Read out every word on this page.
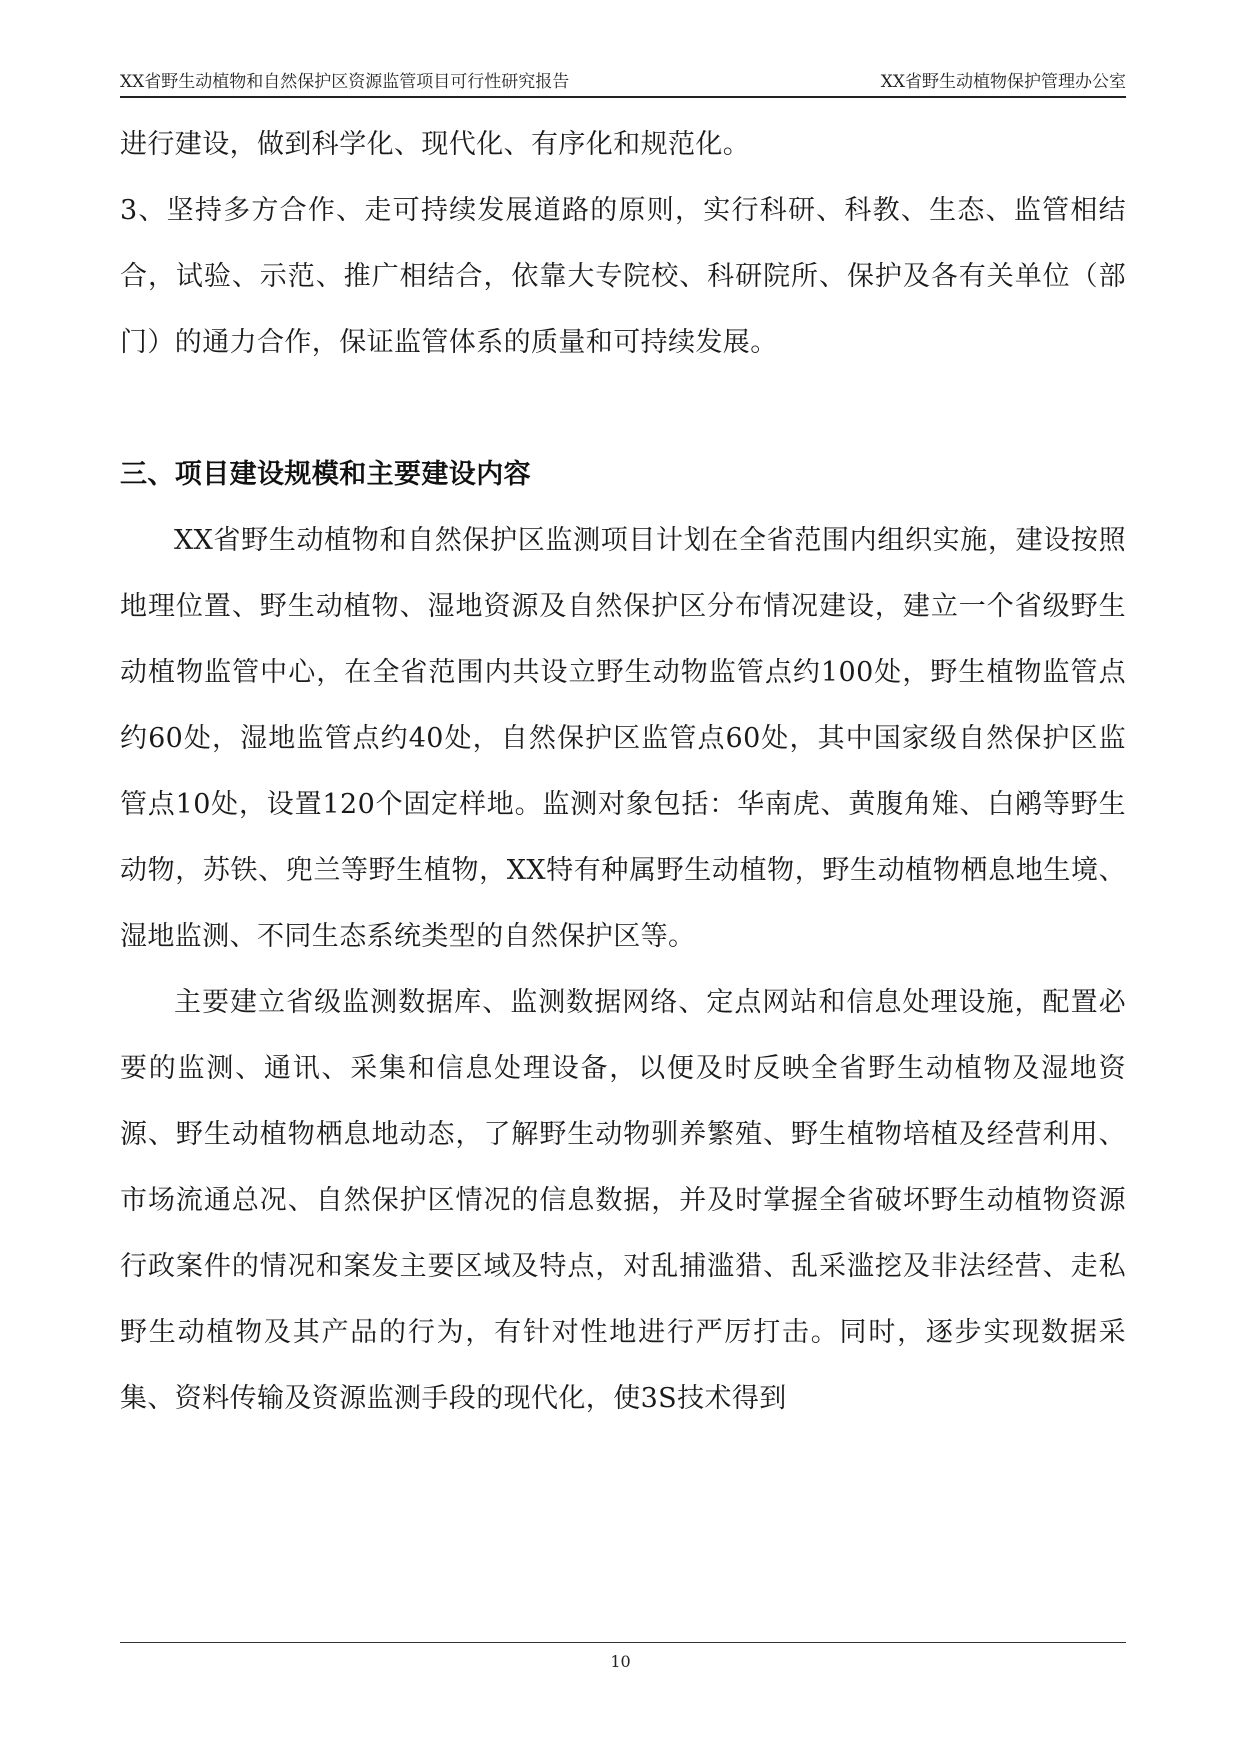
XX省野生动植物和自然保护区资源监管项目可行性研究报告	XX省野生动植物保护管理办公室

进行建设，做到科学化、现代化、有序化和规范化。

3、坚持多方合作、走可持续发展道路的原则，实行科研、科教、生态、监管相结合，试验、示范、推广相结合，依靠大专院校、科研院所、保护及各有关单位（部门）的通力合作，保证监管体系的质量和可持续发展。

三、项目建设规模和主要建设内容

XX省野生动植物和自然保护区监测项目计划在全省范围内组织实施，建设按照地理位置、野生动植物、湿地资源及自然保护区分布情况建设，建立一个省级野生动植物监管中心，在全省范围内共设立野生动物监管点约100处，野生植物监管点约60处，湿地监管点约40处，自然保护区监管点60处，其中国家级自然保护区监管点10处，设置120个固定样地。监测对象包括：华南虎、黄腹角雉、白鹇等野生动物，苏铁、兜兰等野生植物，XX特有种属野生动植物，野生动植物栖息地生境、湿地监测、不同生态系统类型的自然保护区等。

主要建立省级监测数据库、监测数据网络、定点网站和信息处理设施，配置必要的监测、通讯、采集和信息处理设备，以便及时反映全省野生动植物及湿地资源、野生动植物栖息地动态，了解野生动物驯养繁殖、野生植物培植及经营利用、市场流通总况、自然保护区情况的信息数据，并及时掌握全省破坏野生动植物资源行政案件的情况和案发主要区域及特点，对乱捕滥猎、乱采滥挖及非法经营、走私野生动植物及其产品的行为，有针对性地进行严厉打击。同时，逐步实现数据采集、资料传输及资源监测手段的现代化，使3S技术得到

10
